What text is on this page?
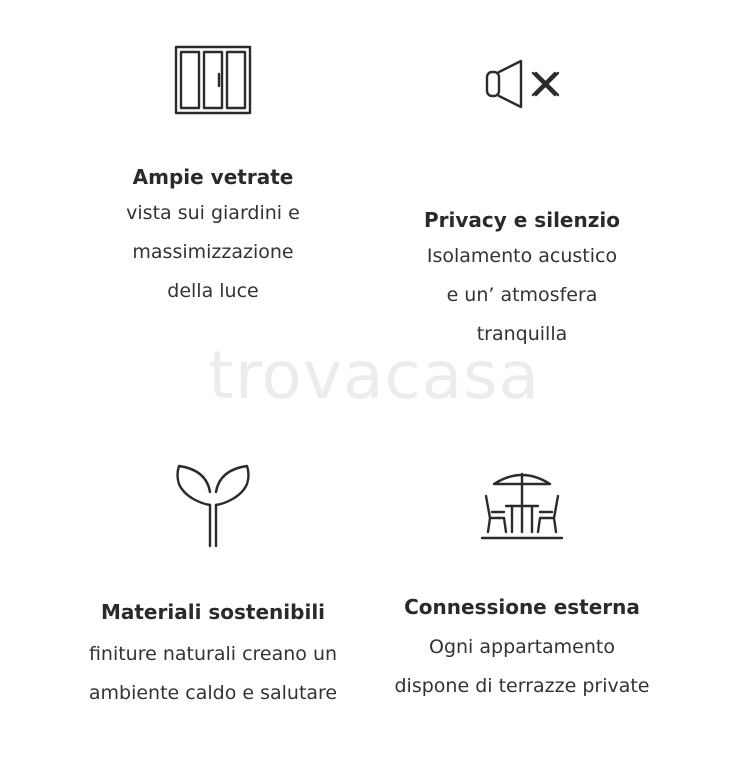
Ampie vetrate
vista sui giardini e
massimizzazione
della luce
Privacy e silenzio
Isolamento acustico
e un’ atmosfera
tranquilla
trovacasa
Materiali sostenibili
finiture naturali creano un
ambiente caldo e salutare
Connessione esterna
Ogni appartamento
dispone di terrazze private
